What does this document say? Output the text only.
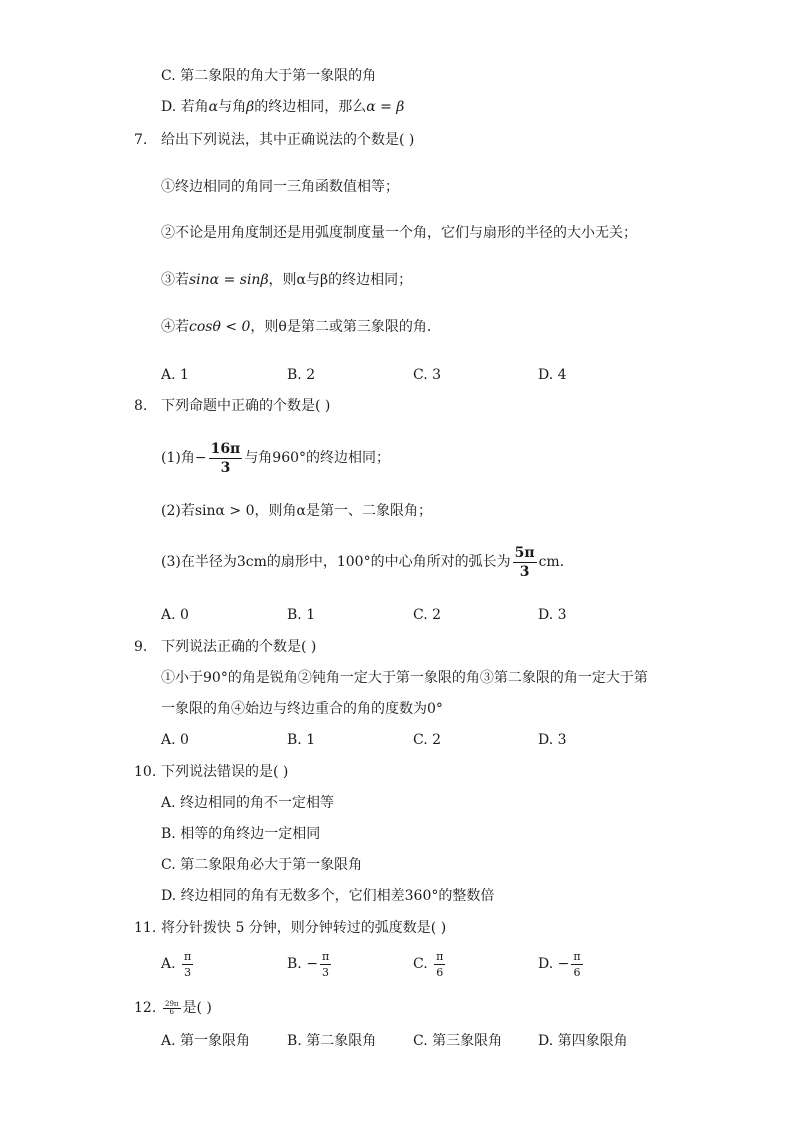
C. 第二象限的角大于第一象限的角
D. 若角α与角β的终边相同，那么α = β
7. 给出下列说法，其中正确说法的个数是( )
①终边相同的角同一三角函数值相等；
②不论是用角度制还是用弧度制度量一个角，它们与扇形的半径的大小无关；
③若sinα = sinβ，则α与β的终边相同；
④若cosθ < 0，则θ是第二或第三象限的角．
A. 1	B. 2	C. 3	D. 4
8. 下列命题中正确的个数是( )
(1)角− $\frac{16\pi}{3}$ 与角960°的终边相同；
(2)若sinα > 0，则角α是第一、二象限角；
(3)在半径为3cm的扇形中，100°的中心角所对的弧长为 $\frac{5\pi}{3}$ cm．
A. 0	B. 1	C. 2	D. 3
9. 下列说法正确的个数是( )
①小于90°的角是锐角②钝角一定大于第一象限的角③第二象限的角一定大于第
一象限的角④始边与终边重合的角的度数为0°
A. 0	B. 1	C. 2	D. 3
10. 下列说法错误的是( )
A. 终边相同的角不一定相等
B. 相等的角终边一定相同
C. 第二象限角必大于第一象限角
D. 终边相同的角有无数多个，它们相差360°的整数倍
11. 将分针拨快 5 分钟，则分钟转过的弧度数是( )
A. $\frac{\pi}{3}$	B. − $\frac{\pi}{3}$	C. $\frac{\pi}{6}$	D. − $\frac{\pi}{6}$
12. $\frac{29\pi}{6}$ 是( )
A. 第一象限角	B. 第二象限角	C. 第三象限角	D. 第四象限角
